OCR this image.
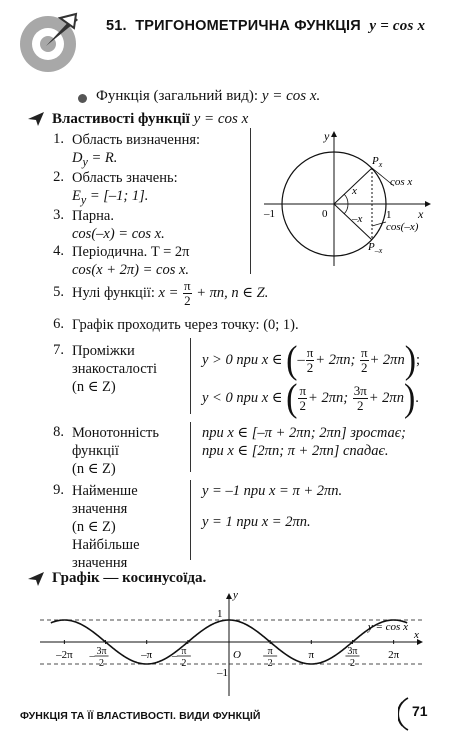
51. ТРИГОНОМЕТРИЧНА ФУНКЦІЯ y = cos x
Функція (загальний вид): y = cos x.
Властивості функції y = cos x
1. Область визначення:
$D_y = R$.
2. Область значень:
$E_y = [-1$; 1].
3. Парна.
cos(–x) = cos x.
4. Періодична. T = 2π
cos(x + 2π) = cos x.
y
x
–1	0	1
x
–x
$P_x$
$P_{-x}$
cos x
cos(–x)
5. Нулі функції: $x = \frac{\pi}{2} + \pi n$, n ∈ Z.
6. Графік проходить через точку: (0; 1).
7. Проміжки
знакосталості
(n ∈ Z)
y > 0 при x ∈ (– $\frac{\pi}{2} + 2\pi n$; $\frac{\pi}{2} + 2\pi n$);
y < 0 при x ∈ ( $\frac{\pi}{2} + 2\pi n$; $\frac{3\pi}{2} + 2\pi n$).
8. Монотонність
функції
(n ∈ Z)
при x ∈ [–π + 2πn; 2πn] зростає;
при x ∈ [2πn; π + 2πn] спадає.
9. Найменше
значення
(n ∈ Z)
Найбільше
значення
y = –1 при x = π + 2πn.
y = 1 при x = 2πn.
Графік — косинусоїда.
–2π – 3π
2
–π – π
2
O	π
2
π	3π
2
2π
1
–1
y
x
y = cos x
ФУНКЦІЯ ТА ЇЇ ВЛАСТИВОСТІ. ВИДИ ФУНКЦІЙ	71
